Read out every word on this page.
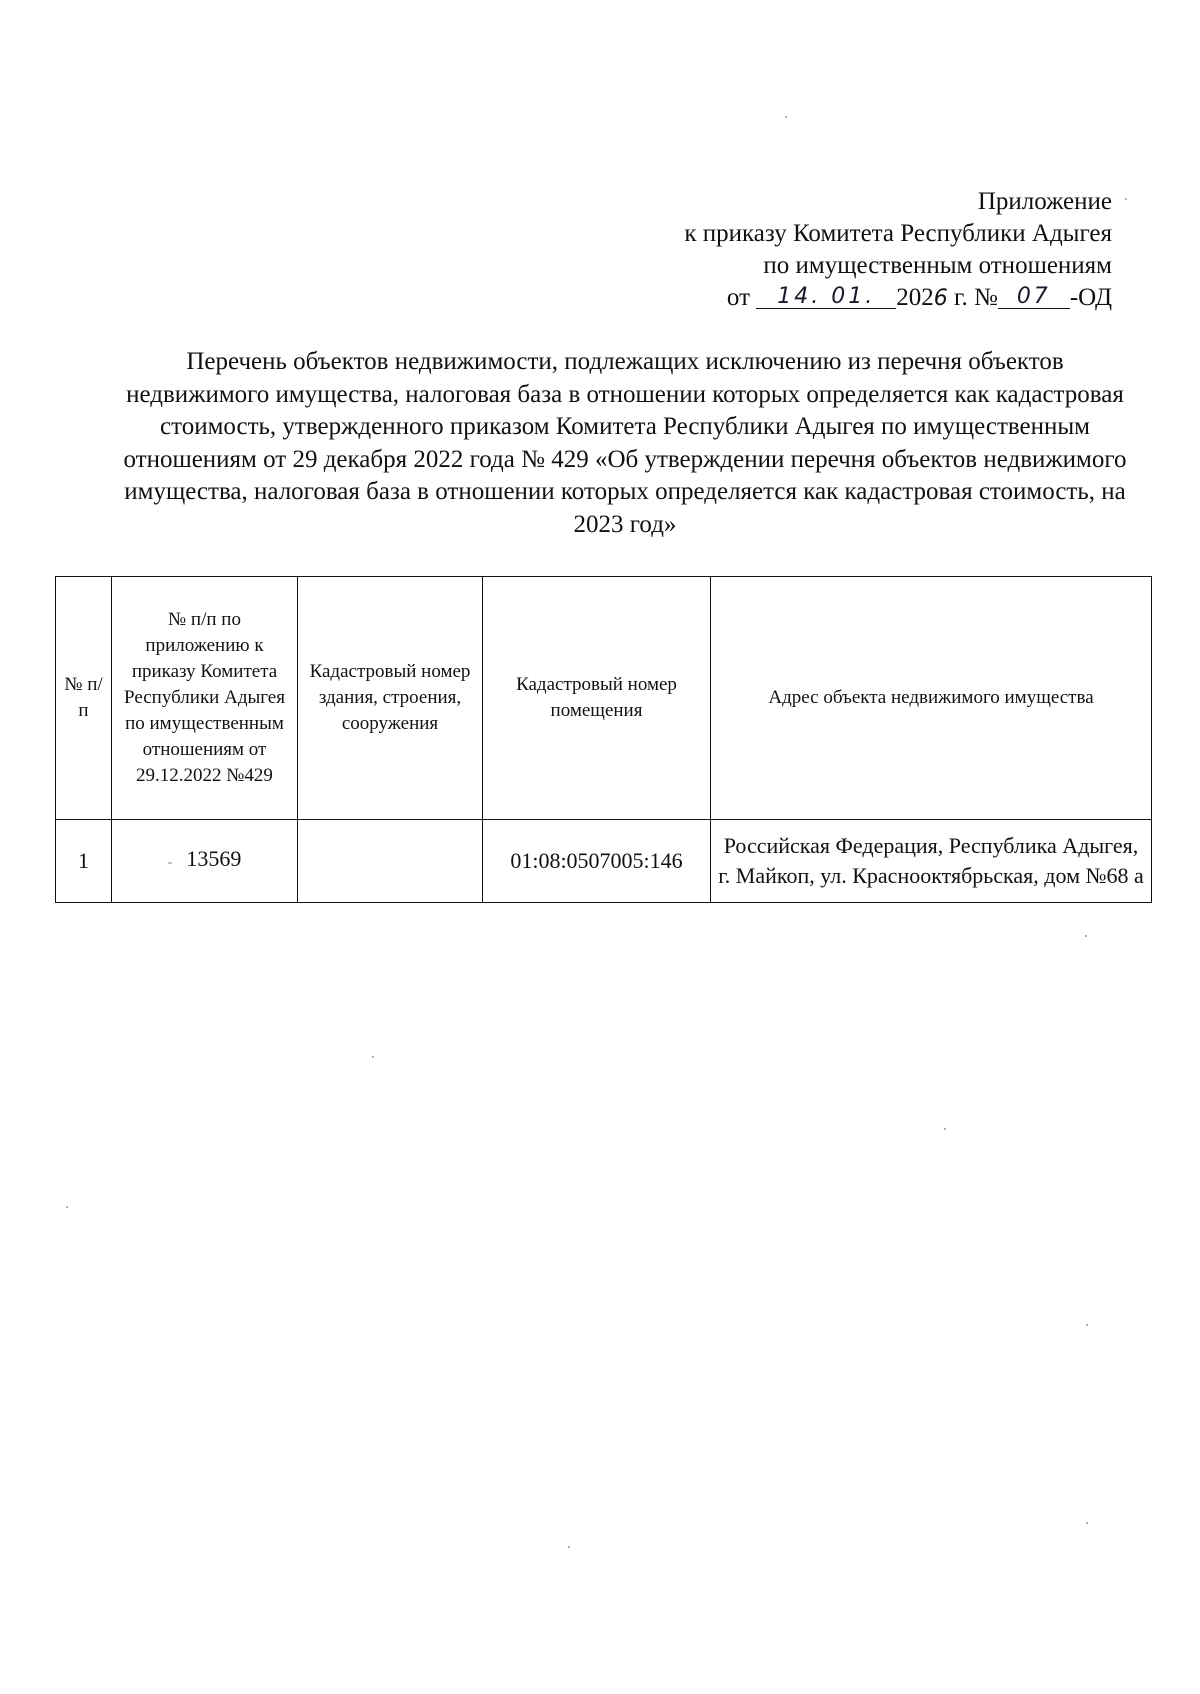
Приложение
к приказу Комитета Республики Адыгея
по имущественным отношениям
от 14. 01. 2026 г. № 07 -ОД
Перечень объектов недвижимости, подлежащих исключению из перечня объектов недвижимого имущества, налоговая база в отношении которых определяется как кадастровая стоимость, утвержденного приказом Комитета Республики Адыгея по имущественным отношениям от 29 декабря 2022 года № 429 «Об утверждении перечня объектов недвижимого имущества, налоговая база в отношении которых определяется как кадастровая стоимость, на 2023 год»
№ п/п	№ п/п по приложению к приказу Комитета Республики Адыгея по имущественным отношениям от 29.12.2022 №429	Кадастровый номер здания, строения, сооружения	Кадастровый номер помещения	Адрес объекта недвижимого имущества
1	- 13569		01:08:0507005:146	Российская Федерация, Республика Адыгея, г. Майкоп, ул. Краснооктябрьская, дом №68 а
